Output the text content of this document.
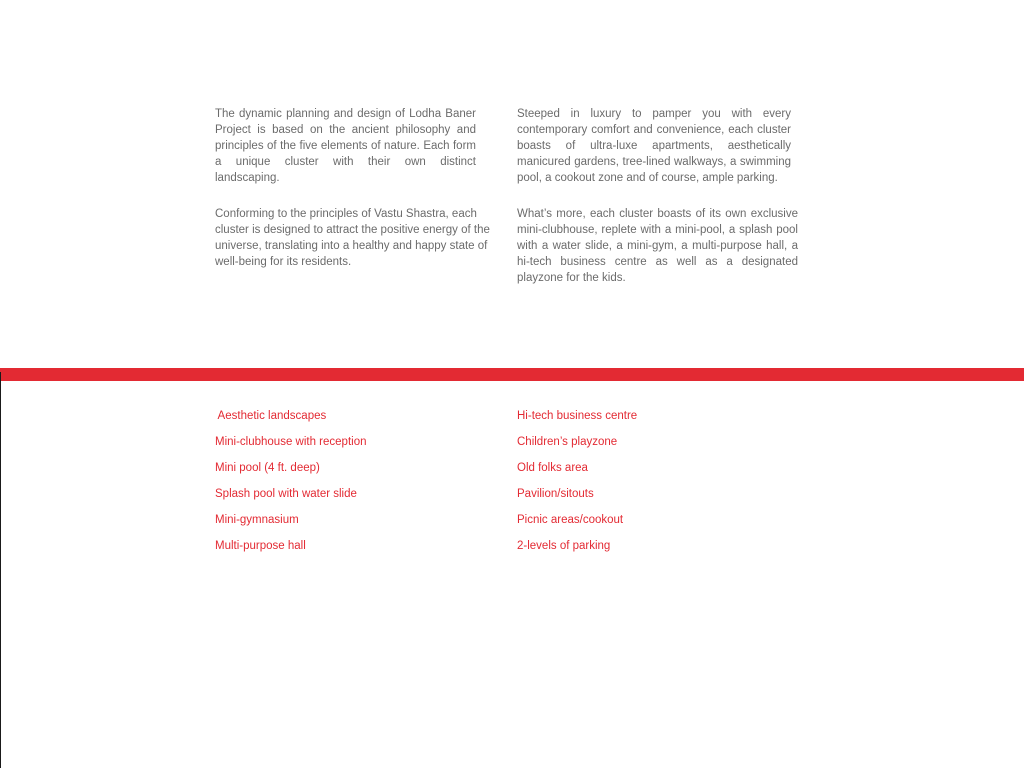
The dynamic planning and design of Lodha Baner Project is based on the ancient philosophy and principles of the five elements of nature. Each form a unique cluster with their own distinct landscaping.

Conforming to the principles of Vastu Shastra, each cluster is designed to attract the positive energy of the universe, translating into a healthy and happy state of well-being for its residents.

Steeped in luxury to pamper you with every contemporary comfort and convenience, each cluster boasts of ultra-luxe apartments, aesthetically manicured gardens, tree-lined walkways, a swimming pool, a cookout zone and of course, ample parking.

What’s more, each cluster boasts of its own exclusive mini-clubhouse, replete with a mini-pool, a splash pool with a water slide, a mini-gym, a multi-purpose hall, a hi-tech business centre as well as a designated playzone for the kids.

Aesthetic landscapes
Mini-clubhouse with reception
Mini pool (4 ft. deep)
Splash pool with water slide
Mini-gymnasium
Multi-purpose hall
Hi-tech business centre
Children’s playzone
Old folks area
Pavilion/sitouts
Picnic areas/cookout
2-levels of parking
